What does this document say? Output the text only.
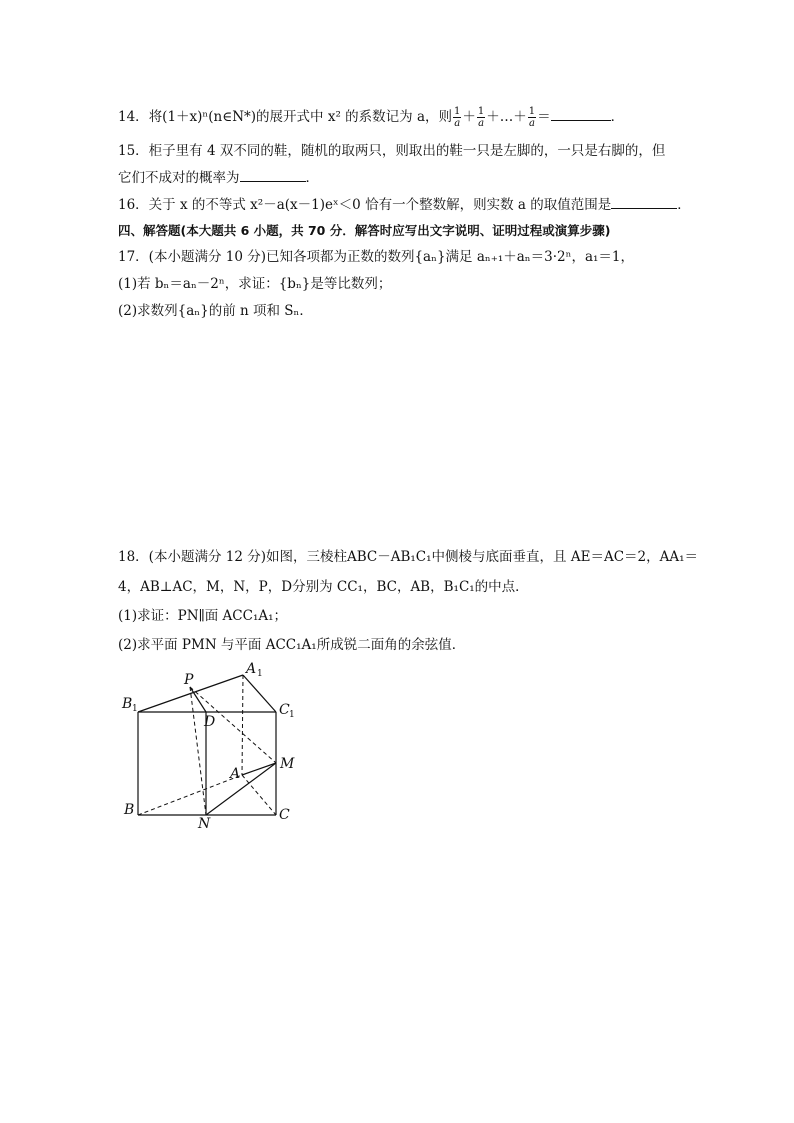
14．将(1＋x)ⁿ(n∈N*)的展开式中 x² 的系数记为 a，则 $\frac{1}{a} + \frac{1}{a}$ ＋…＋ $\frac{1}{a}$ ＝	．
15．柜子里有 4 双不同的鞋，随机的取两只，则取出的鞋一只是左脚的，一只是右脚的，但
它们不成对的概率为	．
16．关于 x 的不等式 x²－a(x－1)eˣ＜0 恰有一个整数解，则实数 a 的取值范围是	．
四、解答题(本大题共 6 小题，共 70 分．解答时应写出文字说明、证明过程或演算步骤)
17．(本小题满分 10 分)已知各项都为正数的数列{aₙ}满足 aₙ₊₁＋aₙ＝3·2ⁿ，a₁＝1，
(1)若 bₙ＝aₙ－2ⁿ，求证：{bₙ}是等比数列；
(2)求数列{aₙ}的前 n 项和 Sₙ．
18．(本小题满分 12 分)如图，三棱柱ABC－AB₁C₁中侧棱与底面垂直，且 AE＝AC＝2，AA₁＝
4，AB⊥AC，M，N，P，D分别为 CC₁，BC，AB，B₁C₁的中点．
(1)求证：PN∥面 ACC₁A₁；
(2)求平面 PMN 与平面 ACC₁A₁所成锐二面角的余弦值．
A 1
B 1	C 1
P
D
A
M
B
N
C
